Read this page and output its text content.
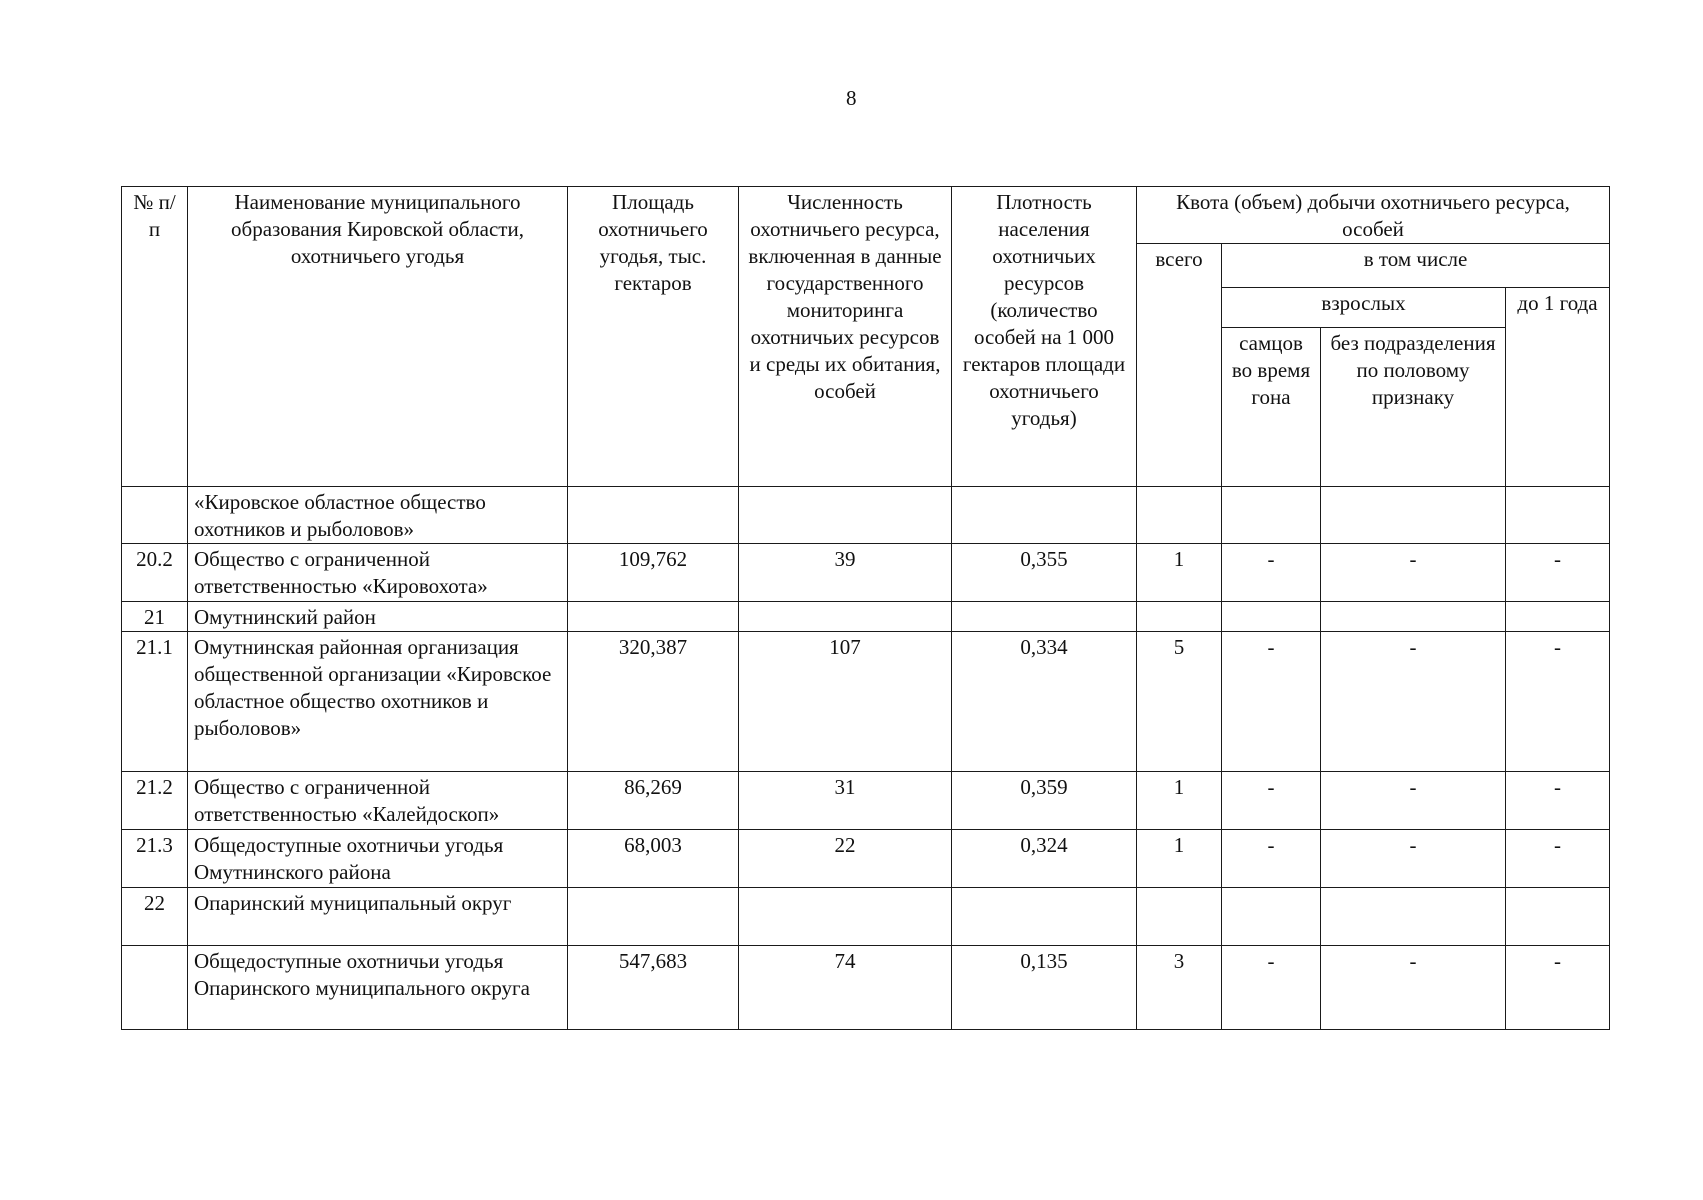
8
№ п/п	Наименование муниципального образования Кировской области, охотничьего угодья	Площадь охотничьего угодья, тыс. гектаров	Численность охотничьего ресурса, включенная в данные государственного мониторинга охотничьих ресурсов и среды их обитания, особей	Плотность населения охотничьих ресурсов (количество особей на 1 000 гектаров площади охотничьего угодья)	Квота (объем) добычи охотничьего ресурса, особей			
					всего	в том числе		
						взрослых		до 1 года
						самцов во время гона	без подразделения по половому признаку	
	«Кировское областное общество охотников и рыболовов»							
20.2	Общество с ограниченной ответственностью «Кировохота»	109,762	39	0,355	1	-	-	-
21	Омутнинский район							
21.1	Омутнинская районная организация общественной организации «Кировское областное общество охотников и рыболовов»	320,387	107	0,334	5	-	-	-
21.2	Общество с ограниченной ответственностью «Калейдоскоп»	86,269	31	0,359	1	-	-	-
21.3	Общедоступные охотничьи угодья Омутнинского района	68,003	22	0,324	1	-	-	-
22	Опаринский муниципальный округ							
	Общедоступные охотничьи угодья Опаринского муниципального округа	547,683	74	0,135	3	-	-	-
